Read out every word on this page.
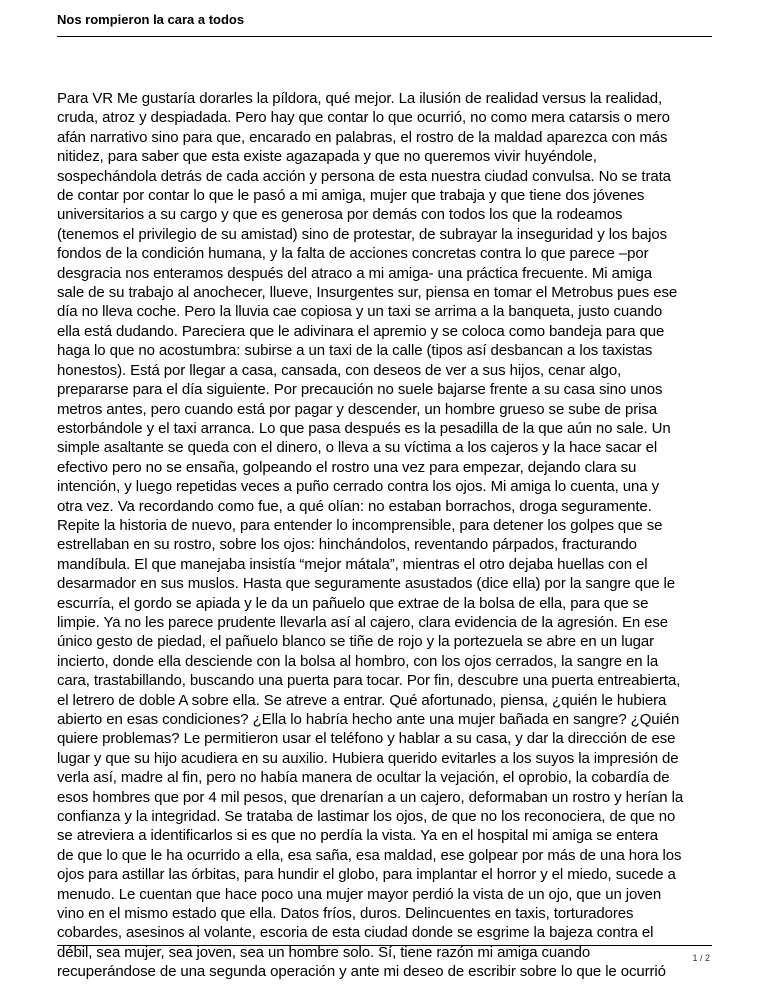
Nos rompieron la cara a todos

Para VR Me gustaría dorarles la píldora, qué mejor. La ilusión de realidad versus la realidad,
cruda, atroz y despiadada. Pero hay que contar lo que ocurrió, no como mera catarsis o mero
afán narrativo sino para que, encarado en palabras, el rostro de la maldad aparezca con más
nitidez, para saber que esta existe agazapada y que no queremos vivir huyéndole,
sospechándola detrás de cada acción y persona de esta nuestra ciudad convulsa. No se trata
de contar por contar lo que le pasó a mi amiga, mujer que trabaja y que tiene dos jóvenes
universitarios a su cargo y que es generosa por demás con todos los que la rodeamos
(tenemos el privilegio de su amistad) sino de protestar, de subrayar la inseguridad y los bajos
fondos de la condición humana, y la falta de acciones concretas contra lo que parece –por
desgracia nos enteramos después del atraco a mi amiga- una práctica frecuente. Mi amiga
sale de su trabajo al anochecer, llueve, Insurgentes sur, piensa en tomar el Metrobus pues ese
día no lleva coche. Pero la lluvia cae copiosa y un taxi se arrima a la banqueta, justo cuando
ella está dudando. Pareciera que le adivinara el apremio y se coloca como bandeja para que
haga lo que no acostumbra: subirse a un taxi de la calle (tipos así desbancan a los taxistas
honestos). Está por llegar a casa, cansada, con deseos de ver a sus hijos, cenar algo,
prepararse para el día siguiente. Por precaución no suele bajarse frente a su casa sino unos
metros antes, pero cuando está por pagar y descender, un hombre grueso se sube de prisa
estorbándole y el taxi arranca. Lo que pasa después es la pesadilla de la que aún no sale. Un
simple asaltante se queda con el dinero, o lleva a su víctima a los cajeros y la hace sacar el
efectivo pero no se ensaña, golpeando el rostro una vez para empezar, dejando clara su
intención, y luego repetidas veces a puño cerrado contra los ojos. Mi amiga lo cuenta, una y
otra vez. Va recordando como fue, a qué olían: no estaban borrachos, droga seguramente.
Repite la historia de nuevo, para entender lo incomprensible, para detener los golpes que se
estrellaban en su rostro, sobre los ojos: hinchándolos, reventando párpados, fracturando
mandíbula. El que manejaba insistía “mejor mátala”, mientras el otro dejaba huellas con el
desarmador en sus muslos. Hasta que seguramente asustados (dice ella) por la sangre que le
escurría, el gordo se apiada y le da un pañuelo que extrae de la bolsa de ella, para que se
limpie. Ya no les parece prudente llevarla así al cajero, clara evidencia de la agresión. En ese
único gesto de piedad, el pañuelo blanco se tiñe de rojo y la portezuela se abre en un lugar
incierto, donde ella desciende con la bolsa al hombro, con los ojos cerrados, la sangre en la
cara, trastabillando, buscando una puerta para tocar. Por fin, descubre una puerta entreabierta,
el letrero de doble A sobre ella. Se atreve a entrar. Qué afortunado, piensa, ¿quién le hubiera
abierto en esas condiciones? ¿Ella lo habría hecho ante una mujer bañada en sangre? ¿Quién
quiere problemas? Le permitieron usar el teléfono y hablar a su casa, y dar la dirección de ese
lugar y que su hijo acudiera en su auxilio. Hubiera querido evitarles a los suyos la impresión de
verla así, madre al fin, pero no había manera de ocultar la vejación, el oprobio, la cobardía de
esos hombres que por 4 mil pesos, que drenarían a un cajero, deformaban un rostro y herían la
confianza y la integridad. Se trataba de lastimar los ojos, de que no los reconociera, de que no
se atreviera a identificarlos si es que no perdía la vista. Ya en el hospital mi amiga se entera
de que lo que le ha ocurrido a ella, esa saña, esa maldad, ese golpear por más de una hora los
ojos para astillar las órbitas, para hundir el globo, para implantar el horror y el miedo, sucede a
menudo. Le cuentan que hace poco una mujer mayor perdió la vista de un ojo, que un joven
vino en el mismo estado que ella. Datos fríos, duros. Delincuentes en taxis, torturadores
cobardes, asesinos al volante, escoria de esta ciudad donde se esgrime la bajeza contra el
débil, sea mujer, sea joven, sea un hombre solo. Sí, tiene razón mi amiga cuando
recuperándose de una segunda operación y ante mi deseo de escribir sobre lo que le ocurrió

1 / 2
